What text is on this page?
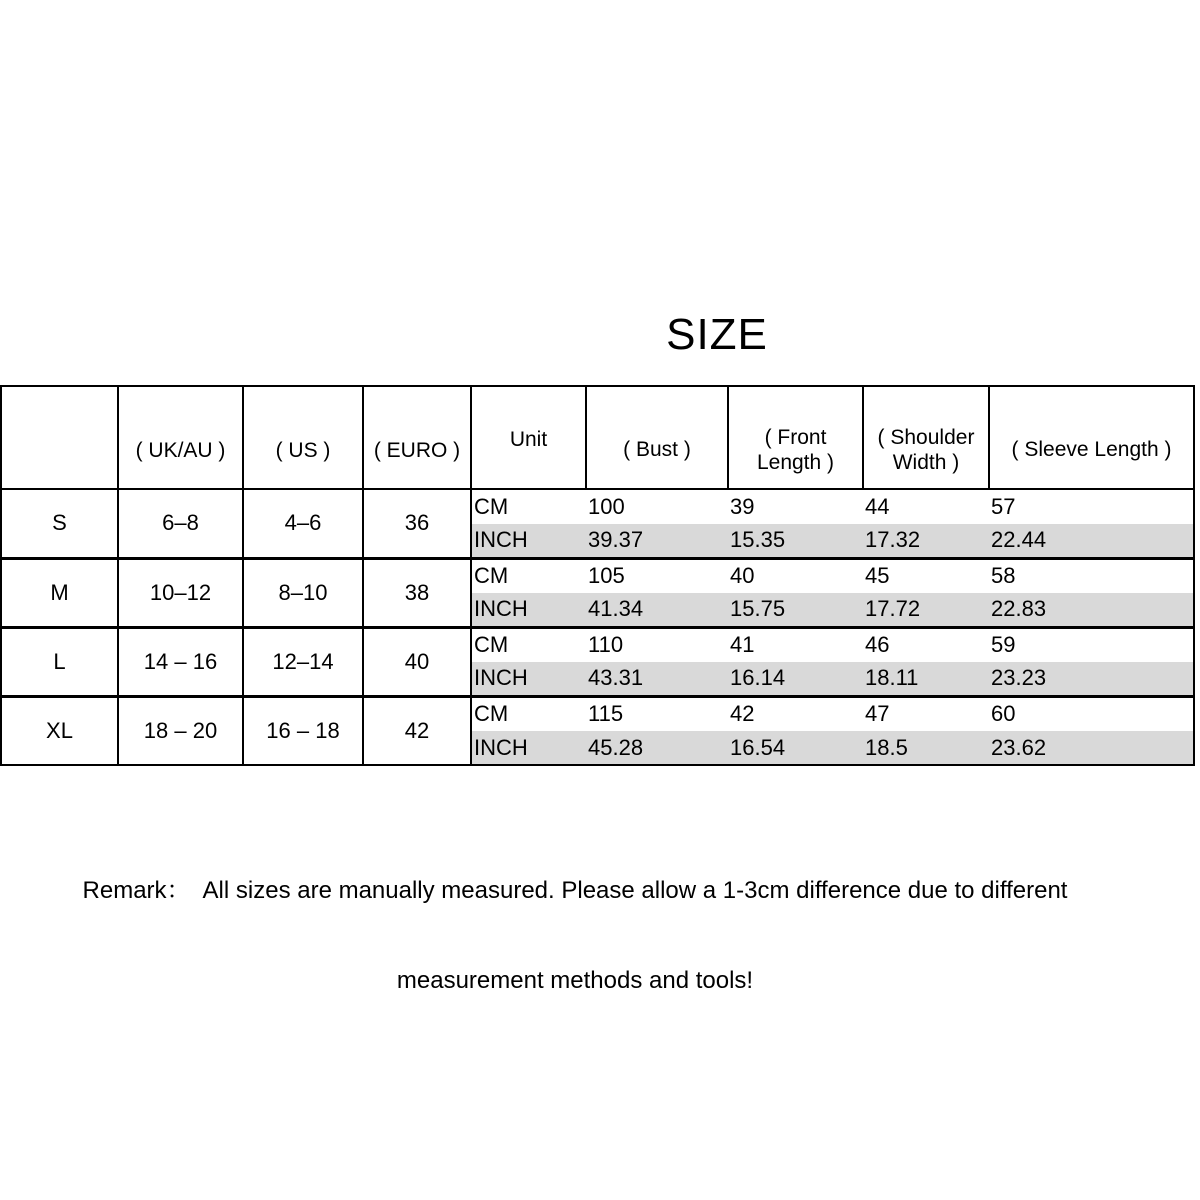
SIZE
	( UK/AU )	( US )	( EURO )	Unit	( Bust )	( Front Length )	( Shoulder Width )	( Sleeve Length )
S	6–8	4–6	36	CM	100	39	44	57
				INCH	39.37	15.35	17.32	22.44
M	10–12	8–10	38	CM	105	40	45	58
				INCH	41.34	15.75	17.72	22.83
L	14 – 16	12–14	40	CM	110	41	46	59
				INCH	43.31	16.14	18.11	23.23
XL	18 – 20	16 – 18	42	CM	115	42	47	60
				INCH	45.28	16.54	18.5	23.62

Remark：  All sizes are manually measured. Please allow a 1-3cm difference due to different

measurement methods and tools!
